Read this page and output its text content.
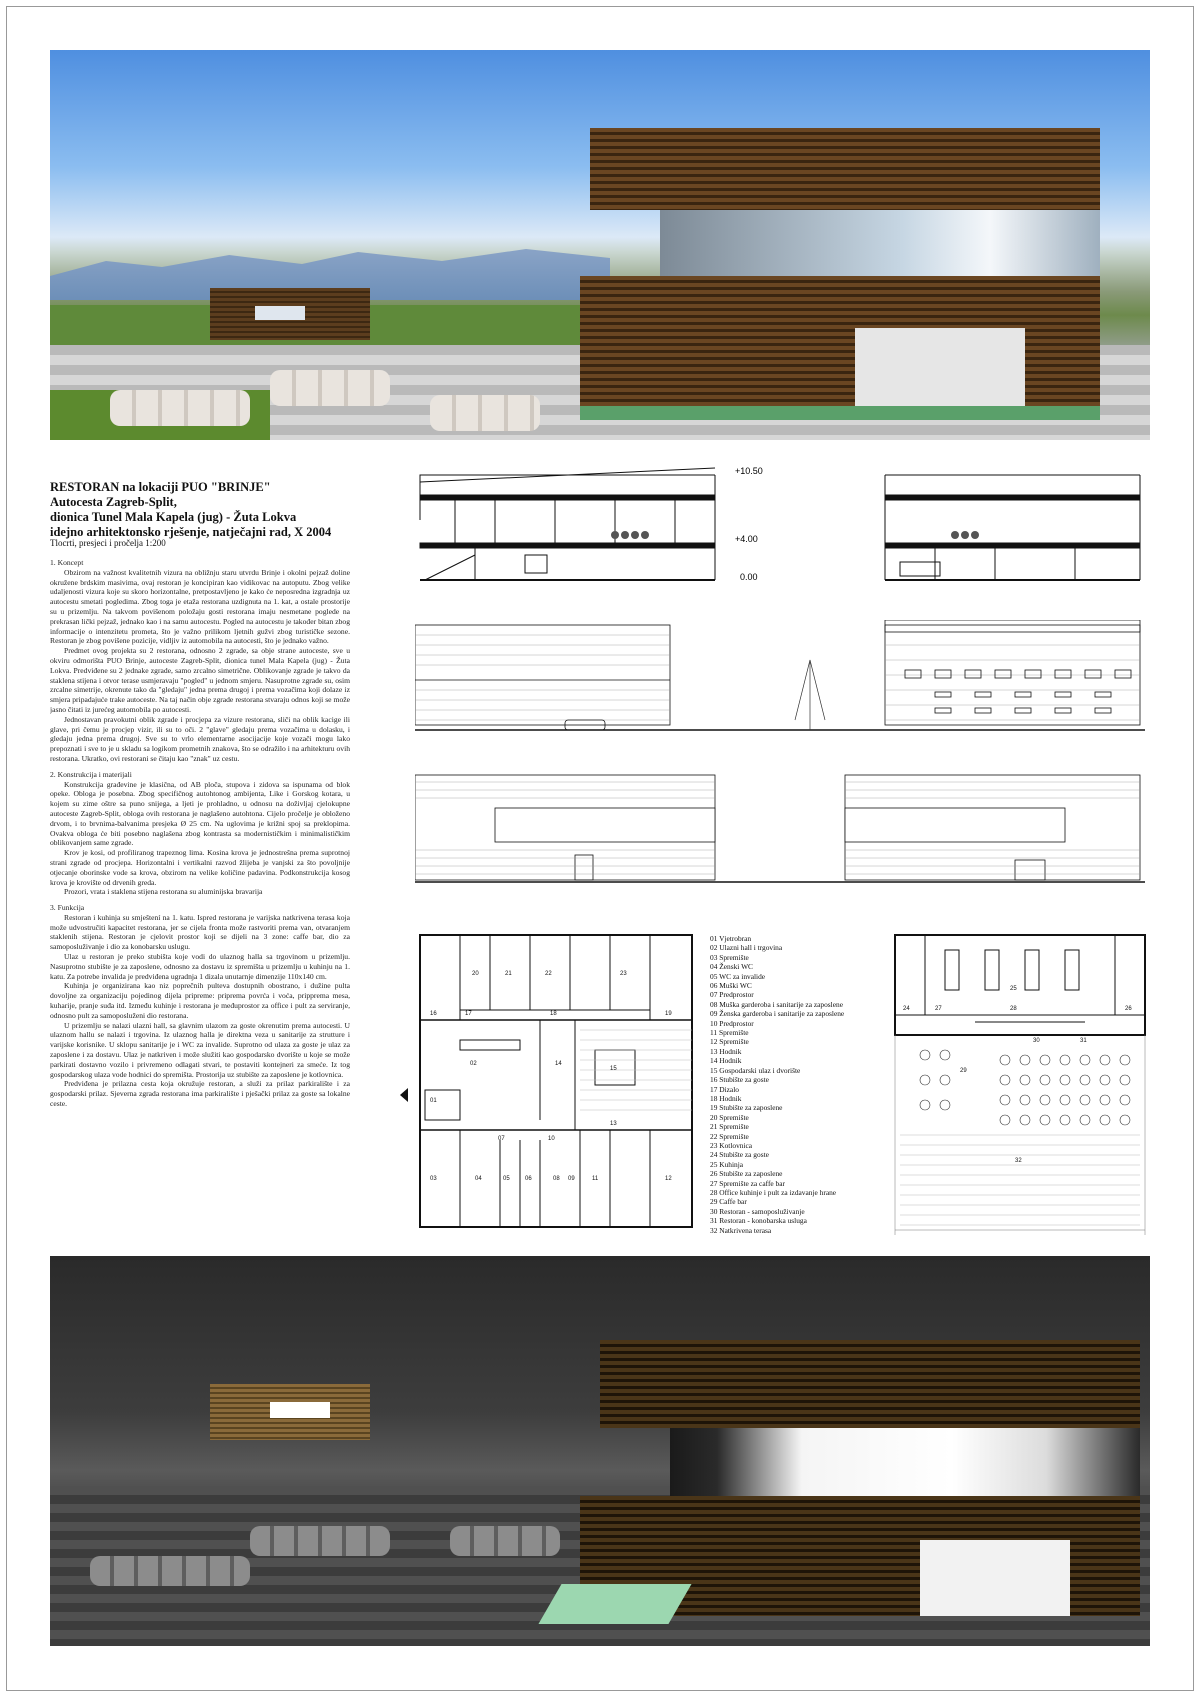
RESTORAN na lokaciji PUO "BRINJE"
Autocesta Zagreb-Split,
dionica Tunel Mala Kapela (jug) - Žuta Lokva
idejno arhitektonsko rješenje, natječajni rad, X 2004
Tlocrti, presjeci i pročelja 1:200
1. Koncept
Obzirom na važnost kvalitetnih vizura na obližnju staru utvrdu Brinje i okolni pejzaž doline okružene brdskim masivima, ovaj restoran je koncipiran kao vidikovac na autoputu. Zbog velike udaljenosti vizura koje su skoro horizontalne, pretpostavljeno je kako će neposredna izgradnja uz autocestu smetati pogledima. Zbog toga je etaža restorana uzdignuta na 1. kat, a ostale prostorije su u prizemlju. Na takvom povišenom položaju gosti restorana imaju nesmetane poglede na prekrasan lički pejzaž, jednako kao i na samu autocestu. Pogled na autocestu je također bitan zbog informacije o intenzitetu prometa, što je važno prilikom ljetnih gužvi zbog turističke sezone. Restoran je zbog povišene pozicije, vidljiv iz automobila na autocesti, što je jednako važno.
Predmet ovog projekta su 2 restorana, odnosno 2 zgrade, sa obje strane autoceste, sve u okviru odmorišta PUO Brinje, autoceste Zagreb-Split, dionica tunel Mala Kapela (jug) - Žuta Lokva. Predviđene su 2 jednake zgrade, samo zrcalno simetrične. Oblikovanje zgrade je takvo da staklena stijena i otvor terase usmjeravaju "pogled" u jednom smjeru. Nasuprotne zgrade su, osim zrcalne simetrije, okrenute tako da "gledaju" jedna prema drugoj i prema vozačima koji dolaze iz smjera pripadajuće trake autoceste. Na taj način obje zgrade restorana stvaraju odnos koji se može jasno čitati iz jurećeg automobila po autocesti.
Jednostavan pravokutni oblik zgrade i procjepa za vizure restorana, sliči na oblik kacige ili glave, pri čemu je procjep vizir, ili su to oči. 2 "glave" gledaju prema vozačima u dolasku, i gledaju jedna prema drugoj. Sve su to vrlo elementarne asocijacije koje vozači mogu lako prepoznati i sve to je u skladu sa logikom prometnih znakova, što se odražilo i na arhitekturu ovih restorana. Ukratko, ovi restorani se čitaju kao "znak" uz cestu.
2. Konstrukcija i materijali
Konstrukcija građevine je klasična, od AB ploča, stupova i zidova sa ispunama od blok opeke. Obloga je posebna. Zbog specifičnog autohtonog ambijenta, Like i Gorskog kotara, u kojem su zime oštre sa puno snijega, a ljeti je prohladno, u odnosu na doživljaj cjelokupne autoceste Zagreb-Split, obloga ovih restorana je naglašeno autohtona. Cijelo pročelje je obloženo drvom, i to brvnima-balvanima presjeka Ø 25 cm. Na uglovima je križni spoj sa preklopima. Ovakva obloga će biti posebno naglašena zbog kontrasta sa modernističkim i minimalističkim oblikovanjem same zgrade.
Krov je kosi, od profiliranog trapeznog lima. Kosina krova je jednostrešna prema suprotnoj strani zgrade od procjepa. Horizontalni i vertikalni razvod žlijeba je vanjski za što povoljnije otjecanje oborinske vode sa krova, obzirom na velike količine padavina. Podkonstrukcija kosog krova je krovište od drvenih greda.
Prozori, vrata i staklena stijena restorana su aluminijska bravarija
3. Funkcija
Restoran i kuhinja su smještení na 1. katu. Ispred restorana je varijska natkrivena terasa koja može udvostručiti kapacitet restorana, jer se cijela fronta može rastvoriti prema van, otvaranjem staklenih stijena. Restoran je cjelovit prostor koji se dijeli na 3 zone: caffe bar, dio za samoposluživanje i dio za konobarsku uslugu.
Ulaz u restoran je preko stubišta koje vodi do ulaznog halla sa trgovinom u prizemlju. Nasuprotno stubište je za zaposlene, odnosno za dostavu iz spremišta u prizemlju u kuhinju na 1. katu. Za potrebe invalida je predviđena ugradnja 1 dizala unutarnje dimenzije 110x140 cm.
Kuhinja je organizirana kao niz poprečnih pulteva dostupnih obostrano, i dužine pulta dovoljne za organizaciju pojedinog dijela pripreme: priprema povrća i voća, pripprema mesa, kuharije, pranje suđa itd. Između kuhinje i restorana je međuprostor za office i pult za serviranje, odnosno pult za samoposluženi dio restorana.
U prizemlju se nalazi ulazni hall, sa glavnim ulazom za goste okrenutim prema autocesti. U ulaznom hallu se nalazi i trgovina. Iz ulaznog halla je direktna veza u sanitarije za strutture i varijske korisnike. U sklopu sanitarije je i WC za invalide. Suprotno od ulaza za goste je ulaz za zaposlene i za dostavu. Ulaz je natkriven i može služiti kao gospodarsko dvorište u koje se može parkirati dostavno vozilo i privremeno odlagati stvari, te postaviti kontejneri za smeće. Iz tog gospodarskog ulaza vode hodnici do spremišta. Prostorija uz stubište za zaposlene je kotlovnica.
Predviđena je prilazna cesta koja okružuje restoran, a služi za prilaz parkiralište i za gospodarski prilaz. Sjeverna zgrada restorana ima parkiralište i pješački prilaz za goste sa lokalne ceste.
+10.50
+4.00
0.00
01
02
03	04	05	06
07
08 09
10
11	12
13
14
15
16	17	18	19
20	21	22	23
01 Vjetrobran
02 Ulazni hall i trgovina
03 Spremište
04 Ženski WC
05 WC za invalide
06 Muški WC
07 Predprostor
08 Muška garderoba i sanitarije za zaposlene
09 Ženska garderoba i sanitarije za zaposlene
10 Predprostor
11 Spremište
12 Spremište
13 Hodnik
14 Hodnik
15 Gospodarski ulaz i dvorište
16 Stubište za goste
17 Dizalo
18 Hodnik
19 Stubište za zaposlene
20 Spremište
21 Spremište
22 Spremište
23 Kotlovnica
24 Stubište za goste
25 Kuhinja
26 Stubište za zaposlene
27 Spremište za caffe bar
28 Office kuhinje i pult za izdavanje hrane
29 Caffe bar
30 Restoran - samoposluživanje
31 Restoran - konobarska usluga
32 Natkrivena terasa
24
25
26
27	28
29
30	31
32
